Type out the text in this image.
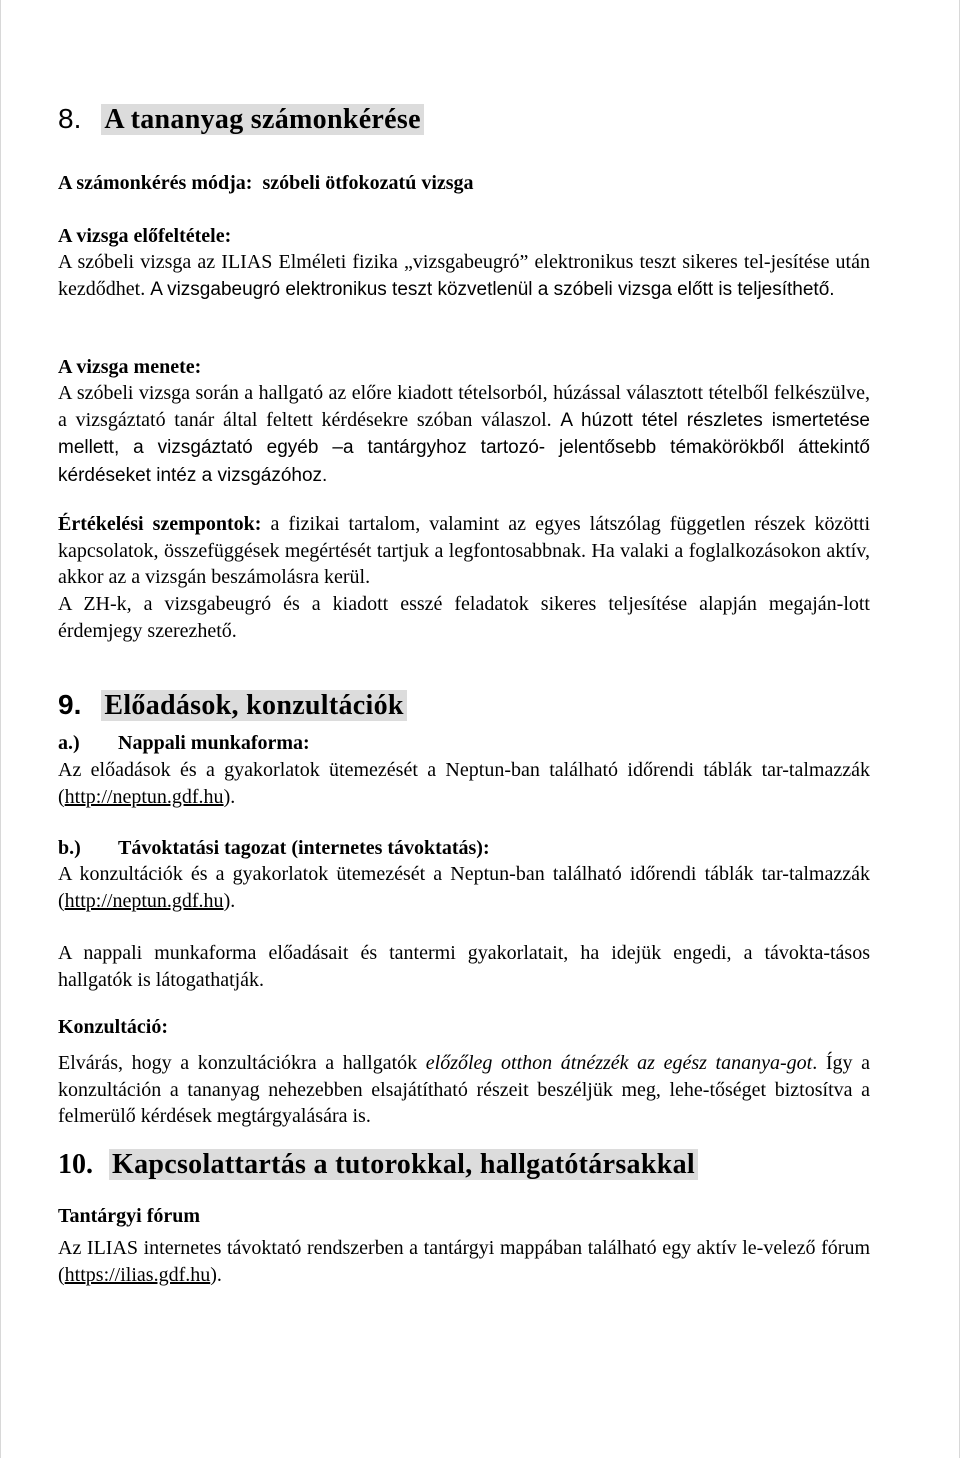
8. A tananyag számonkérése

A számonkérés módja: szóbeli ötfokozatú vizsga

A vizsga előfeltétele:

A szóbeli vizsga az ILIAS Elméleti fizika „vizsgabeugró” elektronikus teszt sikeres tel-jesítése után kezdődhet. A vizsgabeugró elektronikus teszt közvetlenül a szóbeli vizsga előtt is teljesíthető.

A vizsga menete:

A szóbeli vizsga során a hallgató az előre kiadott tételsorból, húzással választott tételből felkészülve, a vizsgáztató tanár által feltett kérdésekre szóban válaszol. A húzott tétel részletes ismertetése mellett, a vizsgáztató egyéb –a tantárgyhoz tartozó- jelentősebb témakörökből áttekintő kérdéseket intéz a vizsgázóhoz.

Értékelési szempontok: a fizikai tartalom, valamint az egyes látszólag független részek közötti kapcsolatok, összefüggések megértését tartjuk a legfontosabbnak. Ha valaki a foglalkozásokon aktív, akkor az a vizsgán beszámolásra kerül.

A ZH-k, a vizsgabeugró és a kiadott esszé feladatok sikeres teljesítése alapján megaján-lott érdemjegy szerezhető.

9. Előadások, konzultációk

a.) Nappali munkaforma:

Az előadások és a gyakorlatok ütemezését a Neptun-ban található időrendi táblák tar-talmazzák (http://neptun.gdf.hu).

b.) Távoktatási tagozat (internetes távoktatás):

A konzultációk és a gyakorlatok ütemezését a Neptun-ban található időrendi táblák tar-talmazzák (http://neptun.gdf.hu).

A nappali munkaforma előadásait és tantermi gyakorlatait, ha idejük engedi, a távokta-tásos hallgatók is látogathatják.

Konzultáció:

Elvárás, hogy a konzultációkra a hallgatók előzőleg otthon átnézzék az egész tananya-got. Így a konzultáción a tananyag nehezebben elsajátítható részeit beszéljük meg, lehe-tőséget biztosítva a felmerülő kérdések megtárgyalására is.

10. Kapcsolattartás a tutorokkal, hallgatótársakkal

Tantárgyi fórum

Az ILIAS internetes távoktató rendszerben a tantárgyi mappában található egy aktív le-velező fórum (https://ilias.gdf.hu).
